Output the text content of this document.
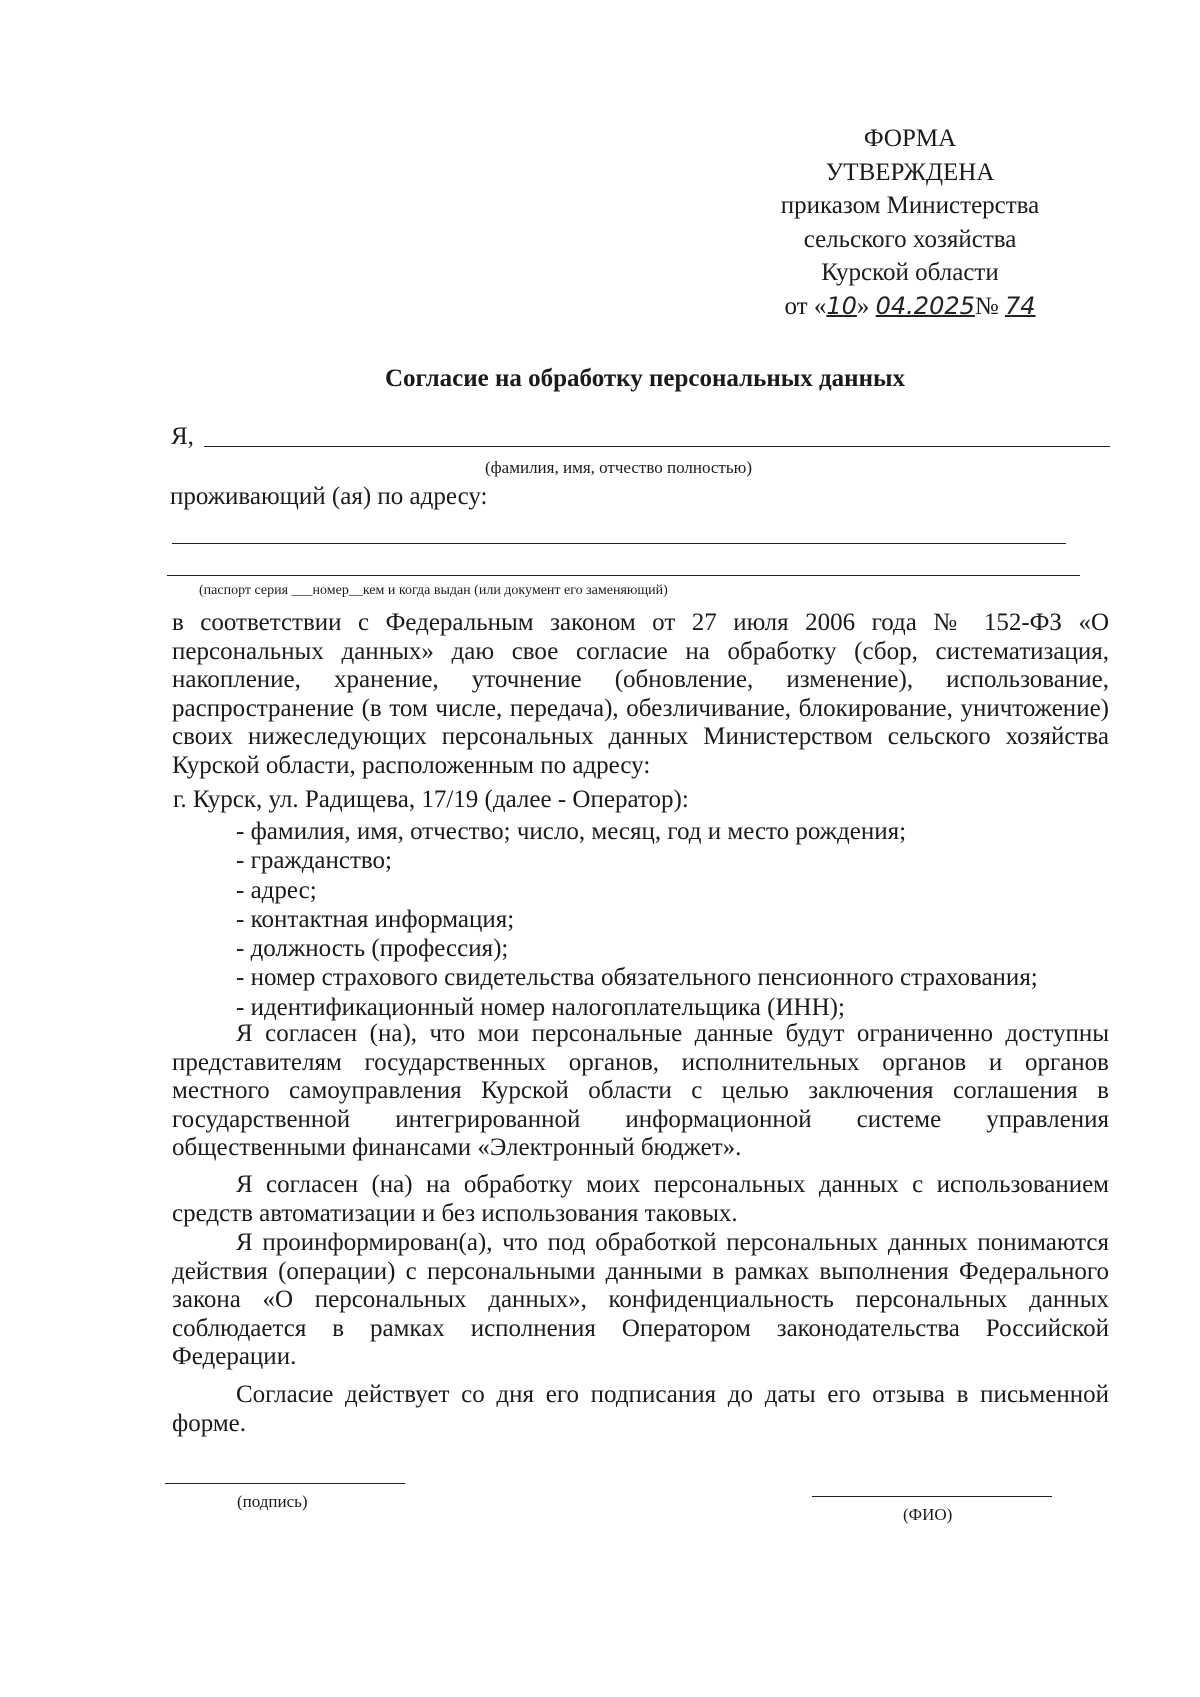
ФОРМА
УТВЕРЖДЕНА
приказом Министерства
сельского хозяйства
Курской области
от «10» 04.2025№ 74
Согласие на обработку персональных данных
Я,
(фамилия, имя, отчество полностью)
проживающий (ая) по адресу:
(паспорт серия ___номер__кем и когда выдан (или документ его заменяющий)
в соответствии с Федеральным законом от 27 июля 2006 года № 152-ФЗ «О персональных данных» даю свое согласие на обработку (сбор, систематизация, накопление, хранение, уточнение (обновление, изменение), использование, распространение (в том числе, передача), обезличивание, блокирование, уничтожение) своих нижеследующих персональных данных Министерством сельского хозяйства Курской области, расположенным по адресу:
г. Курск, ул. Радищева, 17/19 (далее - Оператор):
- фамилия, имя, отчество; число, месяц, год и место рождения;
- гражданство;
- адрес;
- контактная информация;
- должность (профессия);
- номер страхового свидетельства обязательного пенсионного страхования;
- идентификационный номер налогоплательщика (ИНН);
Я согласен (на), что мои персональные данные будут ограниченно доступны представителям государственных органов, исполнительных органов и органов местного самоуправления Курской области с целью заключения соглашения в государственной интегрированной информационной системе управления общественными финансами «Электронный бюджет».
Я согласен (на) на обработку моих персональных данных с использованием средств автоматизации и без использования таковых.
Я проинформирован(а), что под обработкой персональных данных понимаются действия (операции) с персональными данными в рамках выполнения Федерального закона «О персональных данных», конфиденциальность персональных данных соблюдается в рамках исполнения Оператором законодательства Российской Федерации.
Согласие действует со дня его подписания до даты его отзыва в письменной форме.
(подпись)
(ФИО)
